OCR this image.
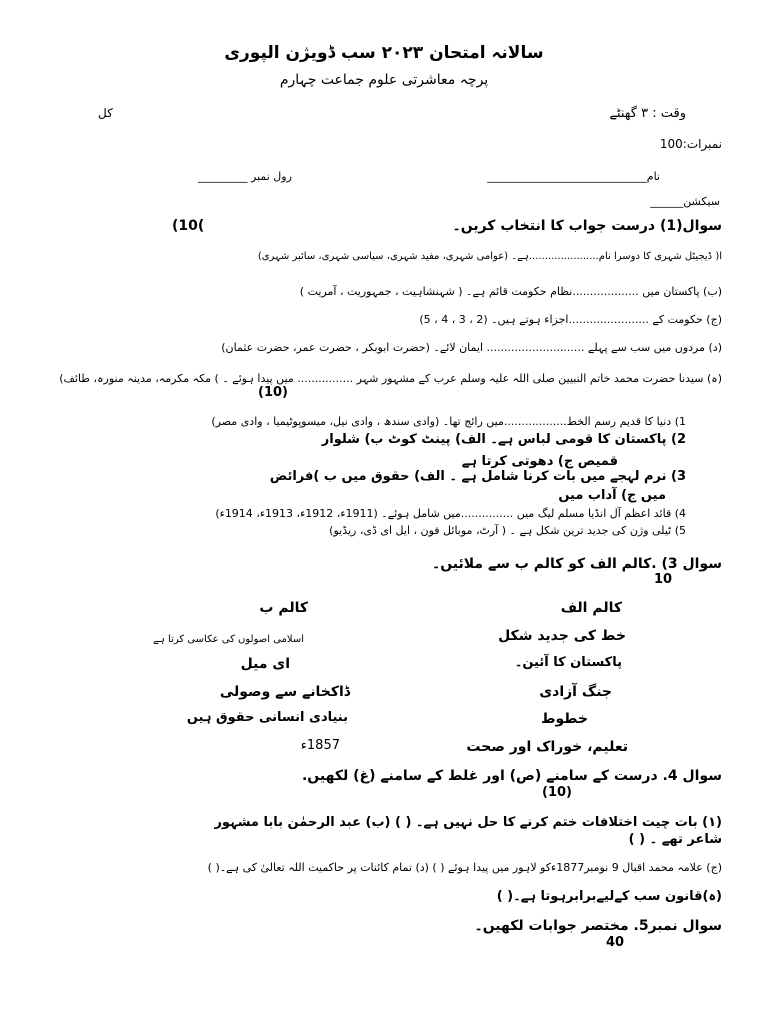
سالانہ امتحان ۲۰۲۳ سب ڈویژن الپوری
پرچہ معاشرتی علوم جماعت چہارم
وقت : ۳ گھنٹے
کل
نمبرات:100
نام_____________________________
رول نمبر _________
سیکشن______
سوال(1) درست جواب کا انتخاب کریں۔
(10(
ا( ڈیجیٹل شہری کا دوسرا نام......................ہے۔ (عوامی شہری، مفید شہری، سیاسی شہری، سائبر شہری)
(ب) پاکستان میں ...................نظام حکومت قائم ہے۔ ( شہنشاہیت ، جمہوریت ، آمریت )
(ج) حکومت کے .......................اجزاء ہوتے ہیں۔ (2 ، 3 ، 4 ، 5)
(د) مردوں میں سب سے پہلے ............................ ایمان لائے۔ (حضرت ابوبکر ، حضرت عمر، حضرت عثمان)
(ہ) سیدنا حضرت محمد خاتم النبیین صلی اللہ علیہ وسلم عرب کے مشہور شہر ................ میں پیدا ہوئے ۔ ) مکہ مکرمہ، مدینہ منورہ، طائف)
(10)
1) دنیا کا قدیم رسم الخط..................میں رائج تھا۔ (وادی سندھ ، وادی نیل، میسوپوٹیمیا ، وادی مصر)
2) پاکستان کا قومی لباس ہے۔ الف) پینٹ کوٹ ب) شلوار
قمیص ج) دھوتی کرتا ہے
3) نرم لہجے میں بات کرنا شامل ہے ۔ الف) حقوق میں ب )فرائض
میں ج) آداب میں
4) قائد اعظم آل انڈیا مسلم لیگ میں ...............میں شامل ہوئے۔ (1911ء، 1912ء، 1913ء، 1914ء)
5) ٹیلی وژن کی جدید ترین شکل ہے ۔ ( آرٹ، موبائل فون ، ایل ای ڈی، ریڈیو)
سوال 3) .کالم الف کو کالم ب سے ملائیں۔
10
کالم الف
کالم ب
خط کی جدید شکل
اسلامی اصولوں کی عکاسی کرتا ہے
پاکستان کا آئین۔
ای میل
جنگ آزادی
ڈاکخانے سے وصولی
خطوط
بنیادی انسانی حقوق ہیں
تعلیم، خوراک اور صحت
1857ء
سوال 4. درست کے سامنے (ص) اور غلط کے سامنے (غ) لکھیں.
(10)
(۱) بات چیت اختلافات ختم کرنے کا حل نہیں ہے۔ ( ) (ب) عبد الرحمٰن بابا مشہور
شاعر تھے ۔ ( )
(ج) علامہ محمد اقبال 9 نومبر1877ءکو لاہور میں پیدا ہوئے ( ) (د) تمام کائنات پر حاکمیت اللہ تعالیٰ کی ہے۔( )
(ہ)قانون سب کےلیےبرابرہوتا ہے۔( )
سوال نمبر5. مختصر جوابات لکھیں۔
40
